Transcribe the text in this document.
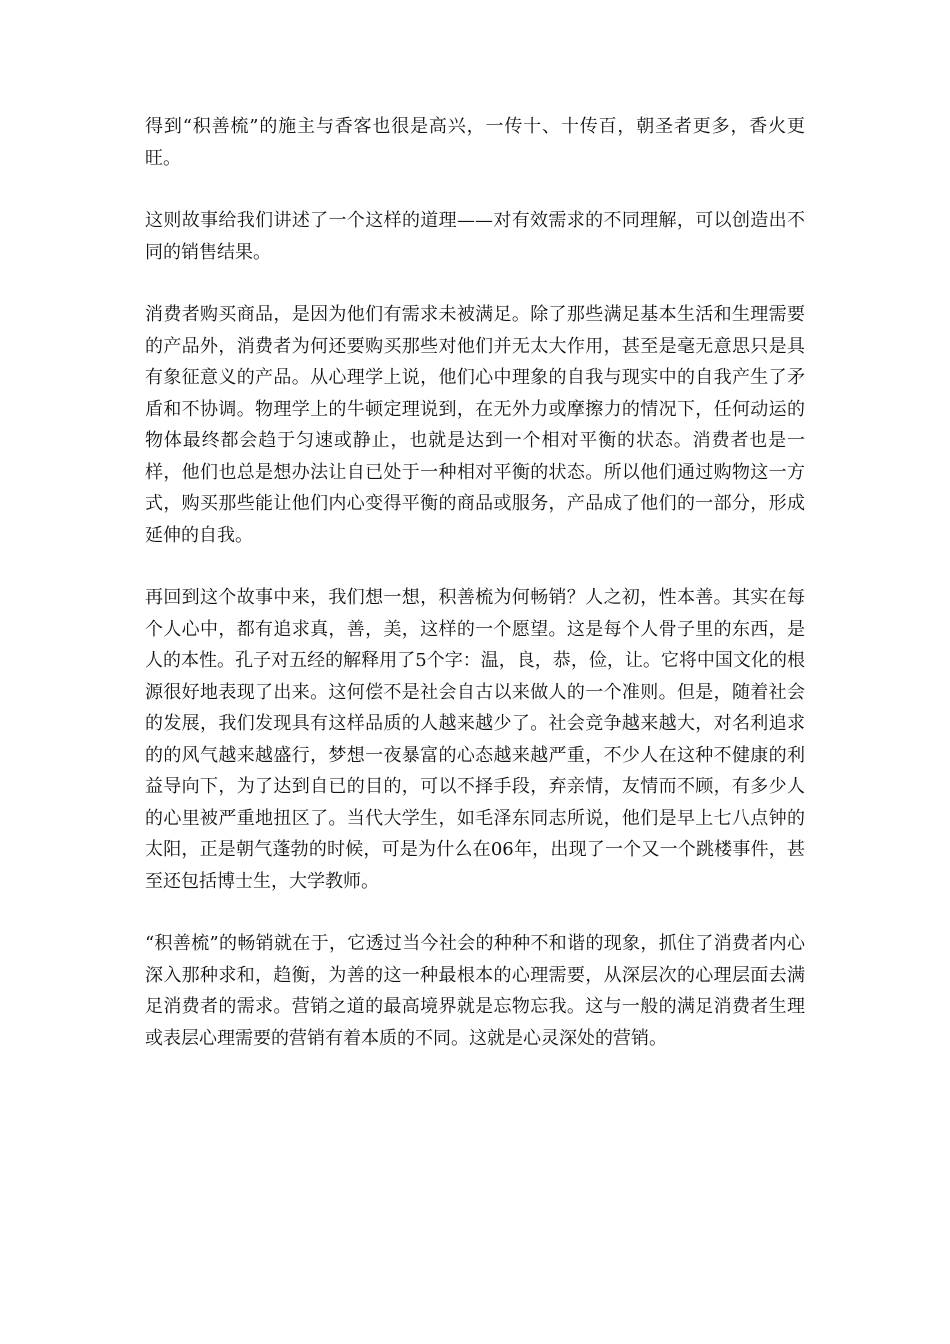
得到“积善梳”的施主与香客也很是高兴，一传十、十传百，朝圣者更多，香火更旺。

这则故事给我们讲述了一个这样的道理——对有效需求的不同理解，可以创造出不同的销售结果。

消费者购买商品，是因为他们有需求未被满足。除了那些满足基本生活和生理需要的产品外，消费者为何还要购买那些对他们并无太大作用，甚至是毫无意思只是具有象征意义的产品。从心理学上说，他们心中理象的自我与现实中的自我产生了矛盾和不协调。物理学上的牛顿定理说到，在无外力或摩擦力的情况下，任何动运的物体最终都会趋于匀速或静止，也就是达到一个相对平衡的状态。消费者也是一样，他们也总是想办法让自已处于一种相对平衡的状态。所以他们通过购物这一方式，购买那些能让他们内心变得平衡的商品或服务，产品成了他们的一部分，形成延伸的自我。

再回到这个故事中来，我们想一想，积善梳为何畅销？人之初，性本善。其实在每个人心中，都有追求真，善，美，这样的一个愿望。这是每个人骨子里的东西，是人的本性。孔子对五经的解释用了5个字：温，良，恭，俭，让。它将中国文化的根源很好地表现了出来。这何偿不是社会自古以来做人的一个准则。但是，随着社会的发展，我们发现具有这样品质的人越来越少了。社会竞争越来越大，对名利追求的的风气越来越盛行，梦想一夜暴富的心态越来越严重，不少人在这种不健康的利益导向下，为了达到自已的目的，可以不择手段，弃亲情，友情而不顾，有多少人的心里被严重地扭区了。当代大学生，如毛泽东同志所说，他们是早上七八点钟的太阳，正是朝气蓬勃的时候，可是为什么在06年，出现了一个又一个跳楼事件，甚至还包括博士生，大学教师。

“积善梳”的畅销就在于，它透过当今社会的种种不和谐的现象，抓住了消费者内心深入那种求和，趋衡，为善的这一种最根本的心理需要，从深层次的心理层面去满足消费者的需求。营销之道的最高境界就是忘物忘我。这与一般的满足消费者生理或表层心理需要的营销有着本质的不同。这就是心灵深处的营销。
